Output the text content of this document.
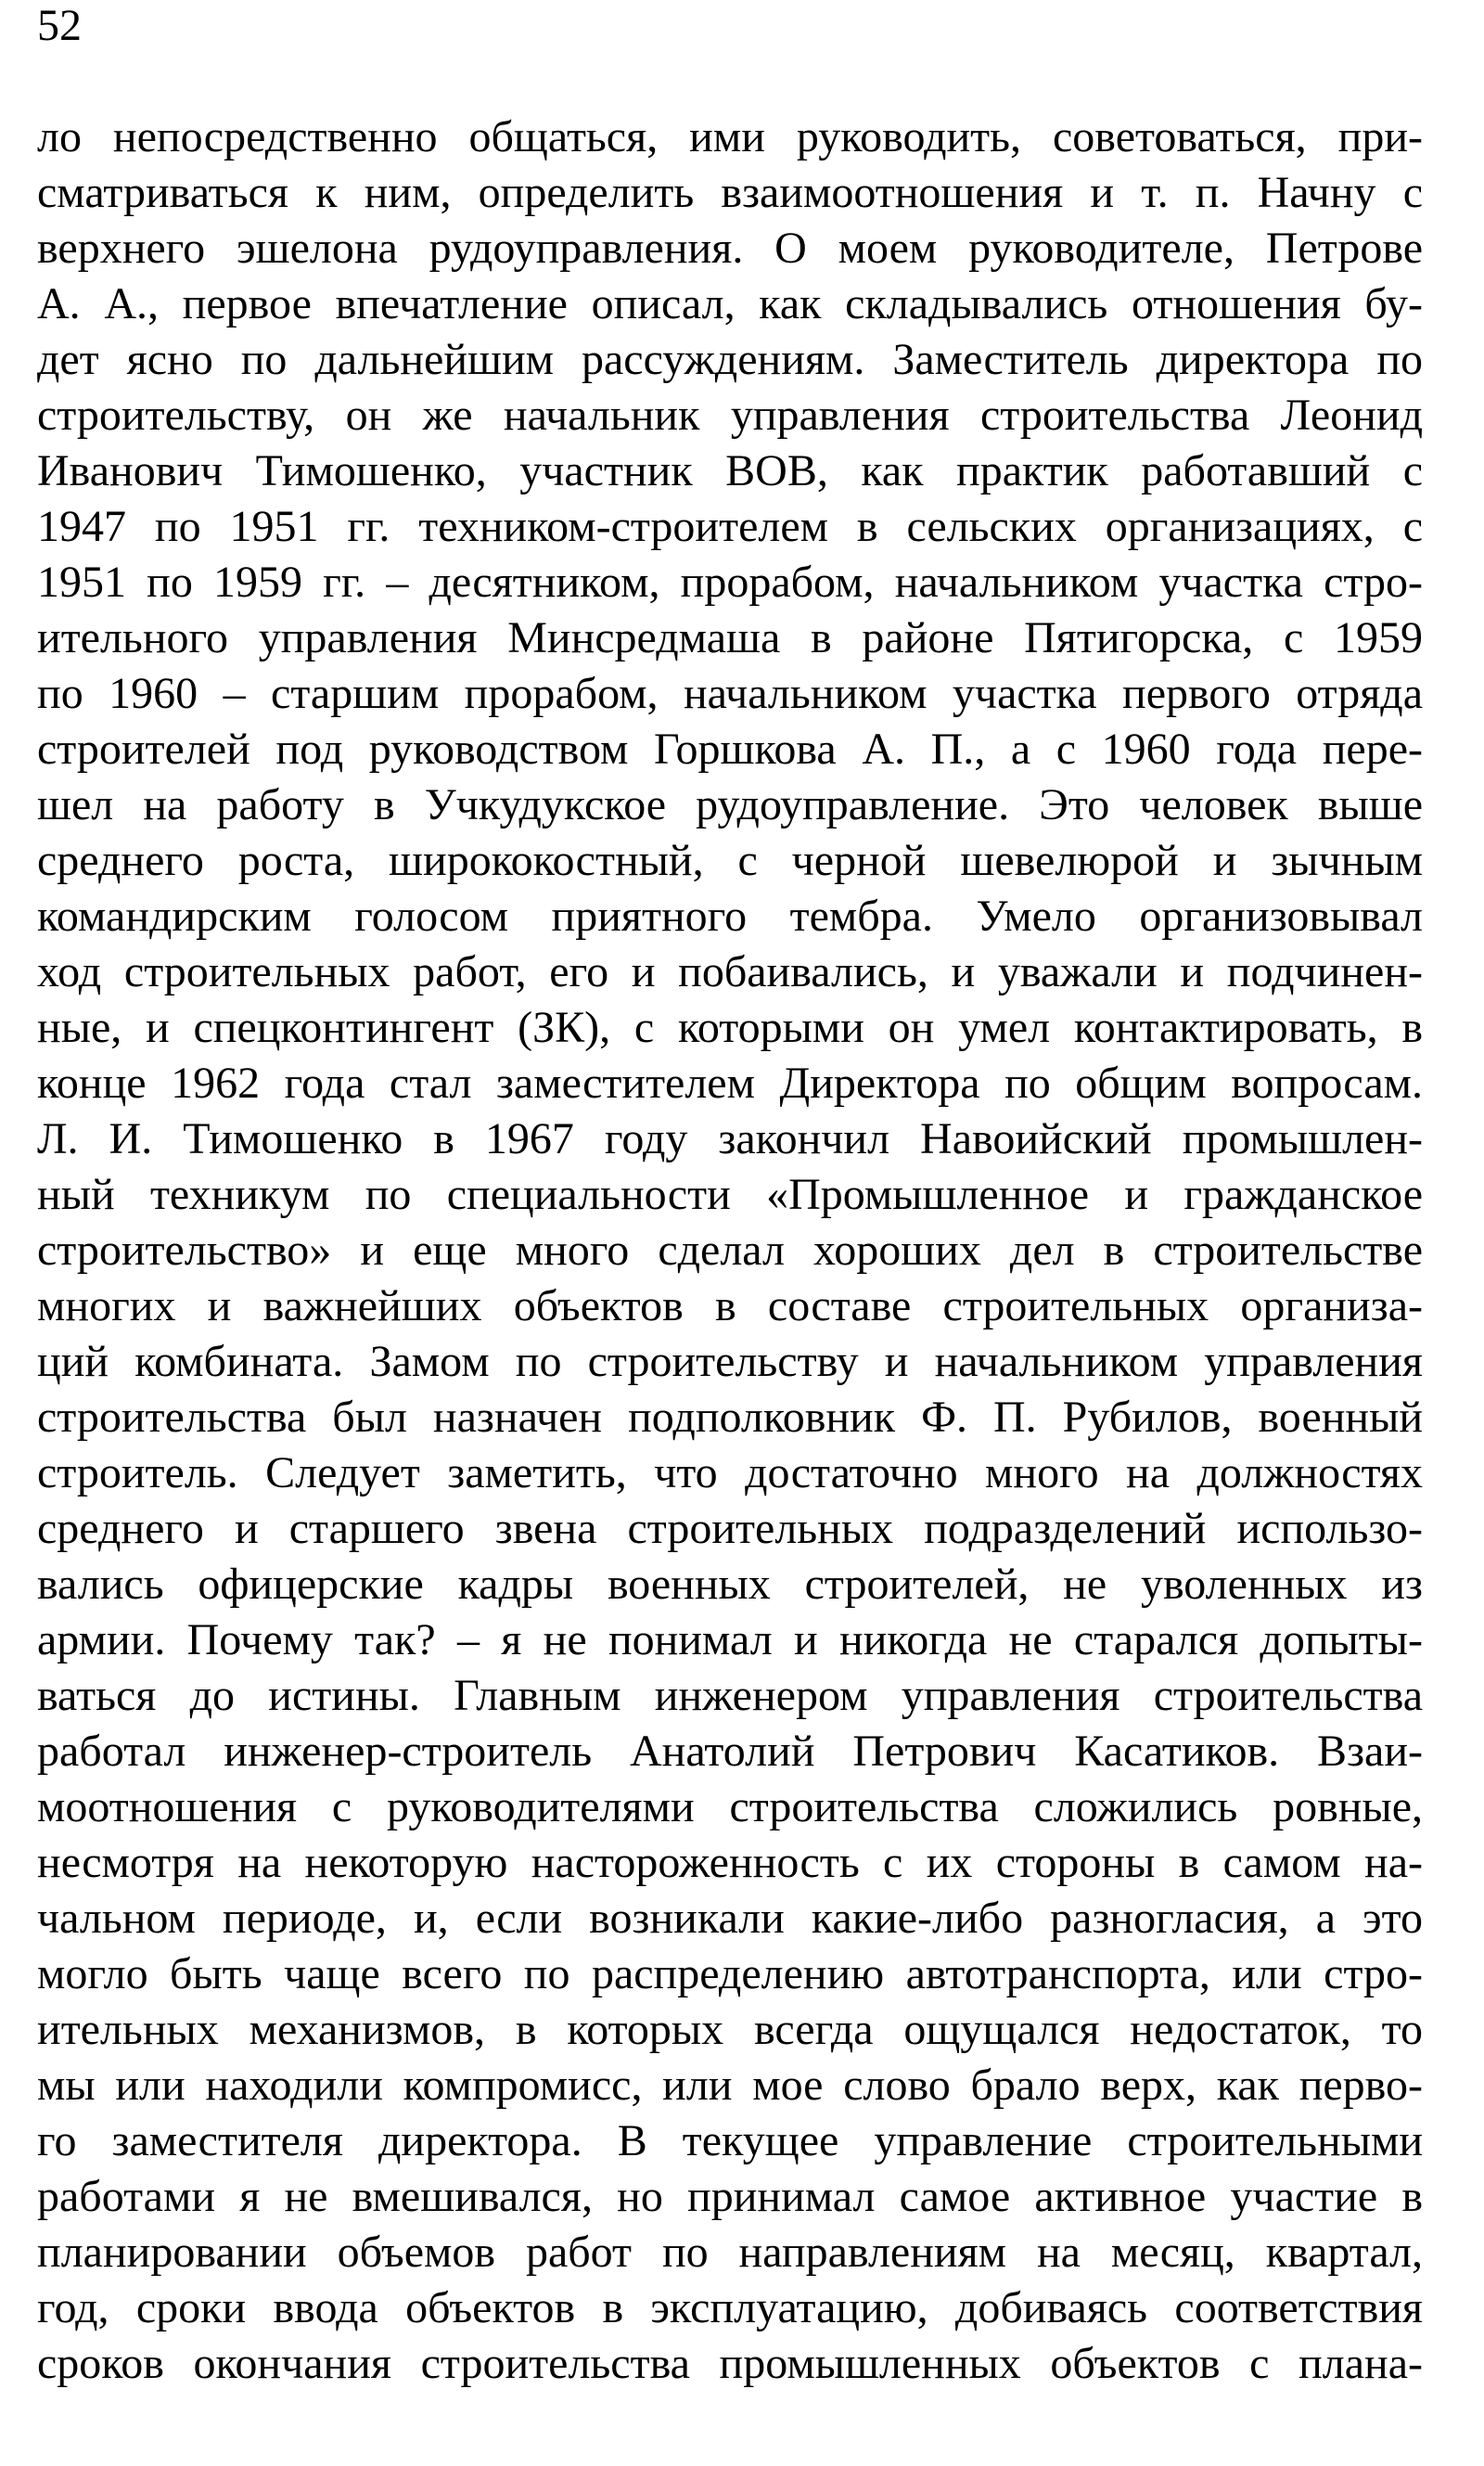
52
ло непосредственно общаться, ими руководить, советоваться, при-
сматриваться к ним, определить взаимоотношения и т. п. Начну с
верхнего эшелона рудоуправления. О моем руководителе, Петрове
А. А., первое впечатление описал, как складывались отношения бу-
дет ясно по дальнейшим рассуждениям. Заместитель директора по
строительству, он же начальник управления строительства Леонид
Иванович Тимошенко, участник ВОВ, как практик работавший с
1947 по 1951 гг. техником-строителем в сельских организациях, с
1951 по 1959 гг. – десятником, прорабом, начальником участка стро-
ительного управления Минсредмаша в районе Пятигорска, с 1959
по 1960 – старшим прорабом, начальником участка первого отряда
строителей под руководством Горшкова А. П., а с 1960 года пере-
шел на работу в Учкудукское рудоуправление. Это человек выше
среднего роста, ширококостный, с черной шевелюрой и зычным
командирским голосом приятного тембра. Умело организовывал
ход строительных работ, его и побаивались, и уважали и подчинен-
ные, и спецконтингент (ЗК), с которыми он умел контактировать, в
конце 1962 года стал заместителем Директора по общим вопросам.
Л. И. Тимошенко в 1967 году закончил Навоийский промышлен-
ный техникум по специальности «Промышленное и гражданское
строительство» и еще много сделал хороших дел в строительстве
многих и важнейших объектов в составе строительных организа-
ций комбината. Замом по строительству и начальником управления
строительства был назначен подполковник Ф. П. Рубилов, военный
строитель. Следует заметить, что достаточно много на должностях
среднего и старшего звена строительных подразделений использо-
вались офицерские кадры военных строителей, не уволенных из
армии. Почему так? – я не понимал и никогда не старался допыты-
ваться до истины. Главным инженером управления строительства
работал инженер-строитель Анатолий Петрович Касатиков. Взаи-
моотношения с руководителями строительства сложились ровные,
несмотря на некоторую настороженность с их стороны в самом на-
чальном периоде, и, если возникали какие-либо разногласия, а это
могло быть чаще всего по распределению автотранспорта, или стро-
ительных механизмов, в которых всегда ощущался недостаток, то
мы или находили компромисс, или мое слово брало верх, как перво-
го заместителя директора. В текущее управление строительными
работами я не вмешивался, но принимал самое активное участие в
планировании объемов работ по направлениям на месяц, квартал,
год, сроки ввода объектов в эксплуатацию, добиваясь соответствия
сроков окончания строительства промышленных объектов с плана-
